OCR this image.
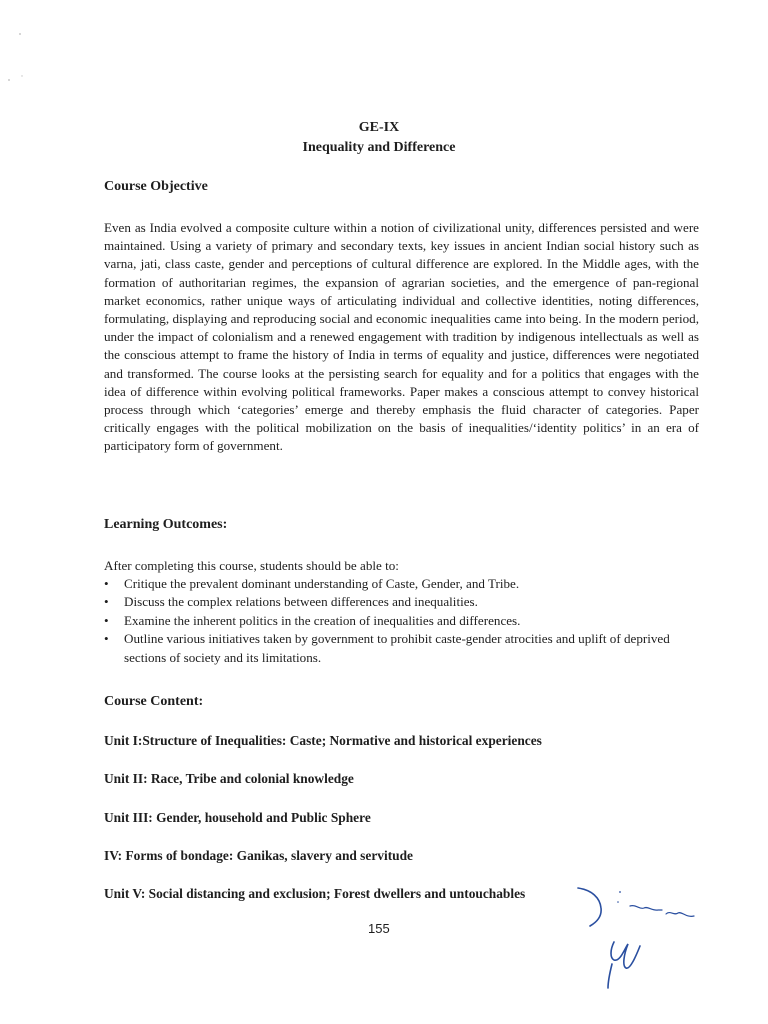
GE-IX
Inequality and Difference
Course Objective

Even as India evolved a composite culture within a notion of civilizational unity, differences persisted and were maintained. Using a variety of primary and secondary texts, key issues in ancient Indian social history such as varna, jati, class caste, gender and perceptions of cultural difference are explored. In the Middle ages, with the formation of authoritarian regimes, the expansion of agrarian societies, and the emergence of pan-regional market economics, rather unique ways of articulating individual and collective identities, noting differences, formulating, displaying and reproducing social and economic inequalities came into being. In the modern period, under the impact of colonialism and a renewed engagement with tradition by indigenous intellectuals as well as the conscious attempt to frame the history of India in terms of equality and justice, differences were negotiated and transformed. The course looks at the persisting search for equality and for a politics that engages with the idea of difference within evolving political frameworks. Paper makes a conscious attempt to convey historical process through which ‘categories’ emerge and thereby emphasis the fluid character of categories. Paper critically engages with the political mobilization on the basis of inequalities/‘identity politics’ in an era of participatory form of government.

Learning Outcomes:

After completing this course, students should be able to:

• Critique the prevalent dominant understanding of Caste, Gender, and Tribe.
• Discuss the complex relations between differences and inequalities.
• Examine the inherent politics in the creation of inequalities and differences.
• Outline various initiatives taken by government to prohibit caste-gender atrocities and uplift of deprived sections of society and its limitations.
Course Content:

Unit I:Structure of Inequalities: Caste; Normative and historical experiences

Unit II: Race, Tribe and colonial knowledge

Unit III: Gender, household and Public Sphere

IV: Forms of bondage: Ganikas, slavery and servitude

Unit V: Social distancing and exclusion; Forest dwellers and untouchables

155
